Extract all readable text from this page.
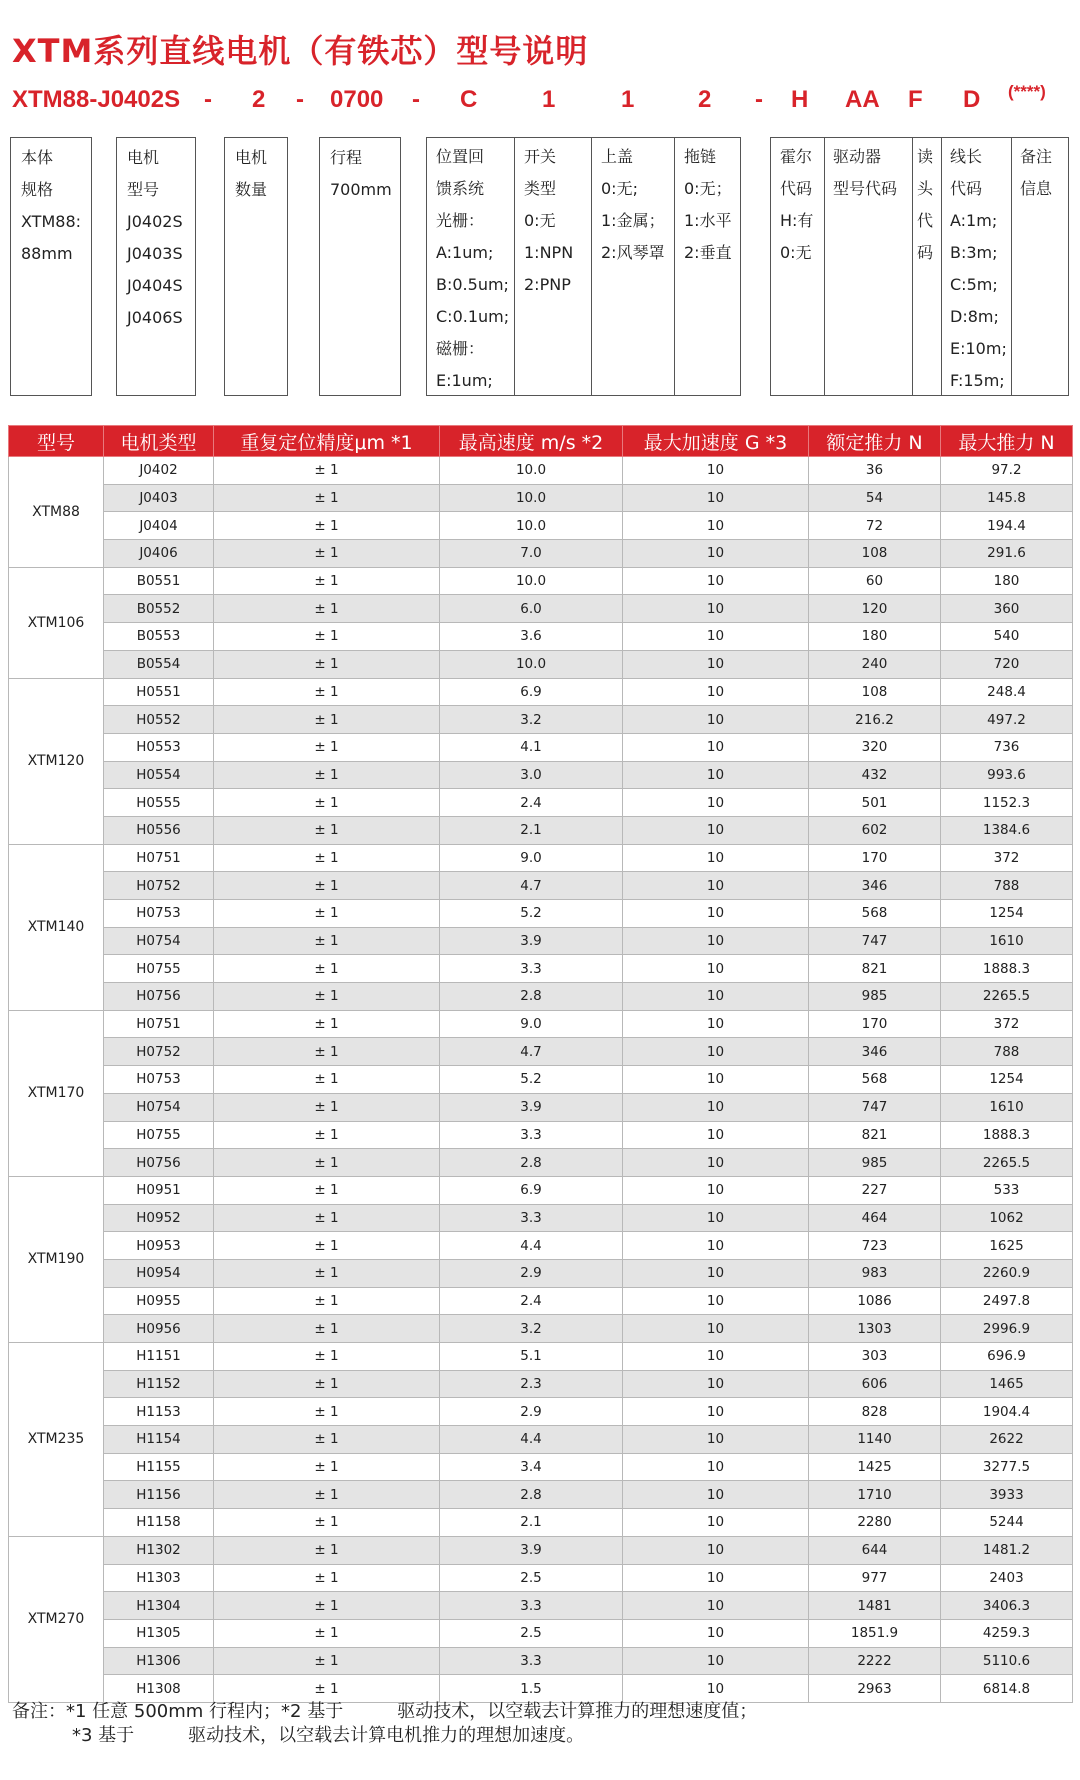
XTM系列直线电机（有铁芯）型号说明
XTM88-J0402S - 2 - 0700 - C	1	1	2 - H AA F D (****)
本体
规格
XTM88:
88mm
电机
型号
J0402S
J0403S
J0404S
J0406S
电机
数量
行程
700mm
位置回
馈系统
光栅：
A:1um;
B:0.5um;
C:0.1um;
磁栅：
E:1um;
开关
类型
0:无
1:NPN
2:PNP
上盖
0:无;
1:金属；
2:风琴罩
拖链
0:无；
1:水平
2:垂直
霍尔
代码
H:有
0:无
驱动器
型号代码
读
头
代
码
线长
代码
A:1m;
B:3m;
C:5m;
D:8m;
E:10m;
F:15m;
备注
信息
型号	电机类型	重复定位精度μm *1	最高速度 m/s *2	最大加速度 G *3	额定推力 N	最大推力 N
XTM88	J0402	± 1	10.0	10	36	97.2
	J0403	± 1	10.0	10	54	145.8
	J0404	± 1	10.0	10	72	194.4
	J0406	± 1	7.0	10	108	291.6
XTM106	B0551	± 1	10.0	10	60	180
	B0552	± 1	6.0	10	120	360
	B0553	± 1	3.6	10	180	540
	B0554	± 1	10.0	10	240	720
XTM120	H0551	± 1	6.9	10	108	248.4
	H0552	± 1	3.2	10	216.2	497.2
	H0553	± 1	4.1	10	320	736
	H0554	± 1	3.0	10	432	993.6
	H0555	± 1	2.4	10	501	1152.3
	H0556	± 1	2.1	10	602	1384.6
XTM140	H0751	± 1	9.0	10	170	372
	H0752	± 1	4.7	10	346	788
	H0753	± 1	5.2	10	568	1254
	H0754	± 1	3.9	10	747	1610
	H0755	± 1	3.3	10	821	1888.3
	H0756	± 1	2.8	10	985	2265.5
XTM170	H0751	± 1	9.0	10	170	372
	H0752	± 1	4.7	10	346	788
	H0753	± 1	5.2	10	568	1254
	H0754	± 1	3.9	10	747	1610
	H0755	± 1	3.3	10	821	1888.3
	H0756	± 1	2.8	10	985	2265.5
XTM190	H0951	± 1	6.9	10	227	533
	H0952	± 1	3.3	10	464	1062
	H0953	± 1	4.4	10	723	1625
	H0954	± 1	2.9	10	983	2260.9
	H0955	± 1	2.4	10	1086	2497.8
	H0956	± 1	3.2	10	1303	2996.9
XTM235	H1151	± 1	5.1	10	303	696.9
	H1152	± 1	2.3	10	606	1465
	H1153	± 1	2.9	10	828	1904.4
	H1154	± 1	4.4	10	1140	2622
	H1155	± 1	3.4	10	1425	3277.5
	H1156	± 1	2.8	10	1710	3933
	H1158	± 1	2.1	10	2280	5244
XTM270	H1302	± 1	3.9	10	644	1481.2
	H1303	± 1	2.5	10	977	2403
	H1304	± 1	3.3	10	1481	3406.3
	H1305	± 1	2.5	10	1851.9	4259.3
	H1306	± 1	3.3	10	2222	5110.6
	H1308	± 1	1.5	10	2963	6814.8
备注：*1 任意 500mm 行程内；*2 基于　　　驱动技术，以空载去计算推力的理想速度值；
*3 基于　　　驱动技术，以空载去计算电机推力的理想加速度。
